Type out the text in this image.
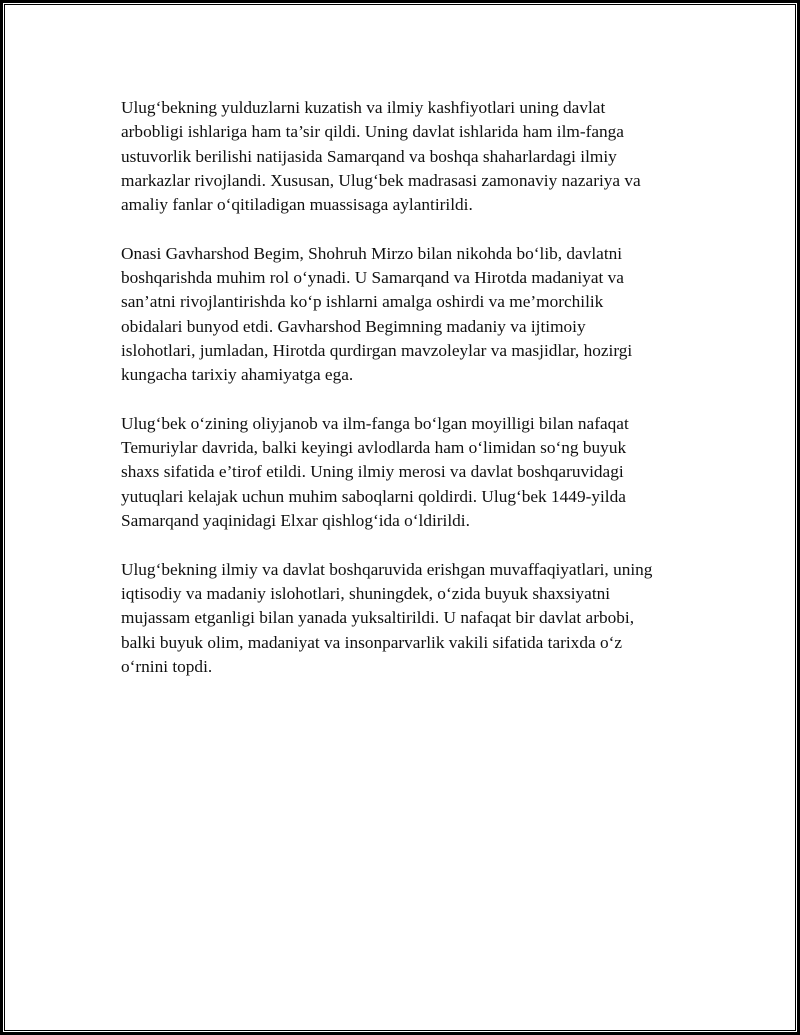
Ulug‘bekning yulduzlarni kuzatish va ilmiy kashfiyotlari uning davlat
arbobligi ishlariga ham ta’sir qildi. Uning davlat ishlarida ham ilm-fanga
ustuvorlik berilishi natijasida Samarqand va boshqa shaharlardagi ilmiy
markazlar rivojlandi. Xususan, Ulug‘bek madrasasi zamonaviy nazariya va
amaliy fanlar o‘qitiladigan muassisaga aylantirildi.

Onasi Gavharshod Begim, Shohruh Mirzo bilan nikohda bo‘lib, davlatni
boshqarishda muhim rol o‘ynadi. U Samarqand va Hirotda madaniyat va
san’atni rivojlantirishda ko‘p ishlarni amalga oshirdi va me’morchilik
obidalari bunyod etdi. Gavharshod Begimning madaniy va ijtimoiy
islohotlari, jumladan, Hirotda qurdirgan mavzoleylar va masjidlar, hozirgi
kungacha tarixiy ahamiyatga ega.

Ulug‘bek o‘zining oliyjanob va ilm-fanga bo‘lgan moyilligi bilan nafaqat
Temuriylar davrida, balki keyingi avlodlarda ham o‘limidan so‘ng buyuk
shaxs sifatida e’tirof etildi. Uning ilmiy merosi va davlat boshqaruvidagi
yutuqlari kelajak uchun muhim saboqlarni qoldirdi. Ulug‘bek 1449-yilda
Samarqand yaqinidagi Elxar qishlog‘ida o‘ldirildi.

Ulug‘bekning ilmiy va davlat boshqaruvida erishgan muvaffaqiyatlari, uning
iqtisodiy va madaniy islohotlari, shuningdek, o‘zida buyuk shaxsiyatni
mujassam etganligi bilan yanada yuksaltirildi. U nafaqat bir davlat arbobi,
balki buyuk olim, madaniyat va insonparvarlik vakili sifatida tarixda o‘z
o‘rnini topdi.
